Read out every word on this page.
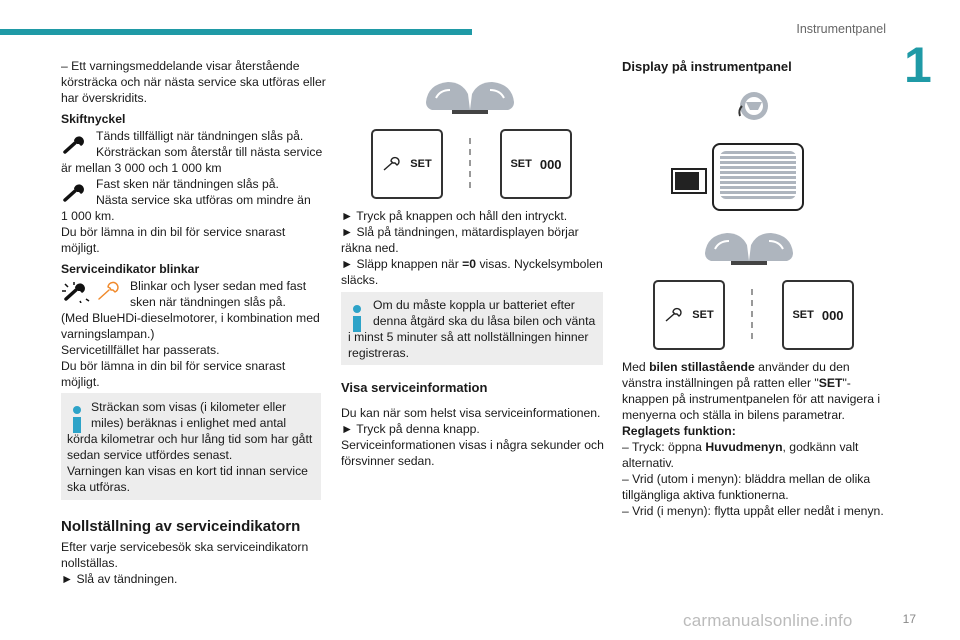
Instrumentpanel
1
– Ett varningsmeddelande visar återstående
körsträcka och när nästa service ska utföras eller
har överskridits.
Skiftnyckel
Tänds tillfälligt när tändningen slås på.
Körsträckan som återstår till nästa service
är mellan 3 000 och 1 000 km
Fast sken när tändningen slås på.
Nästa service ska utföras om mindre än
1 000 km.
Du bör lämna in din bil för service snarast
möjligt.
Serviceindikator blinkar
Blinkar och lyser sedan med fast
sken när tändningen slås på.
(Med BlueHDi-dieselmotorer, i kombination med
varningslampan.)
Servicetillfället har passerats.
Du bör lämna in din bil för service snarast
möjligt.
Sträckan som visas (i kilometer eller
miles) beräknas i enlighet med antal
körda kilometrar och hur lång tid som har gått
sedan service utfördes senast.
Varningen kan visas en kort tid innan service
ska utföras.
Nollställning av serviceindikatorn
Efter varje servicebesök ska serviceindikatorn
nollställas.
► Slå av tändningen.
SET	SET 000
► Tryck på knappen och håll den intryckt.
► Slå på tändningen, mätardisplayen börjar
räkna ned.
► Släpp knappen när =0 visas. Nyckelsymbolen
släcks.
Om du måste koppla ur batteriet efter
denna åtgärd ska du låsa bilen och vänta
i minst 5 minuter så att nollställningen hinner
registreras.
Visa serviceinformation
Du kan när som helst visa serviceinformationen.
► Tryck på denna knapp.
Serviceinformationen visas i några sekunder och
försvinner sedan.
Display på instrumentpanel
SET	SET 000
Med bilen stillastående använder du den
vänstra inställningen på ratten eller "SET"-
knappen på instrumentpanelen för att navigera i
menyerna och ställa in bilens parametrar.
Reglagets funktion:
– Tryck: öppna Huvudmenyn, godkänn valt
alternativ.
– Vrid (utom i menyn): bläddra mellan de olika
tillgängliga aktiva funktionerna.
– Vrid (i menyn): flytta uppåt eller nedåt i menyn.
carmanualsonline.info	17
